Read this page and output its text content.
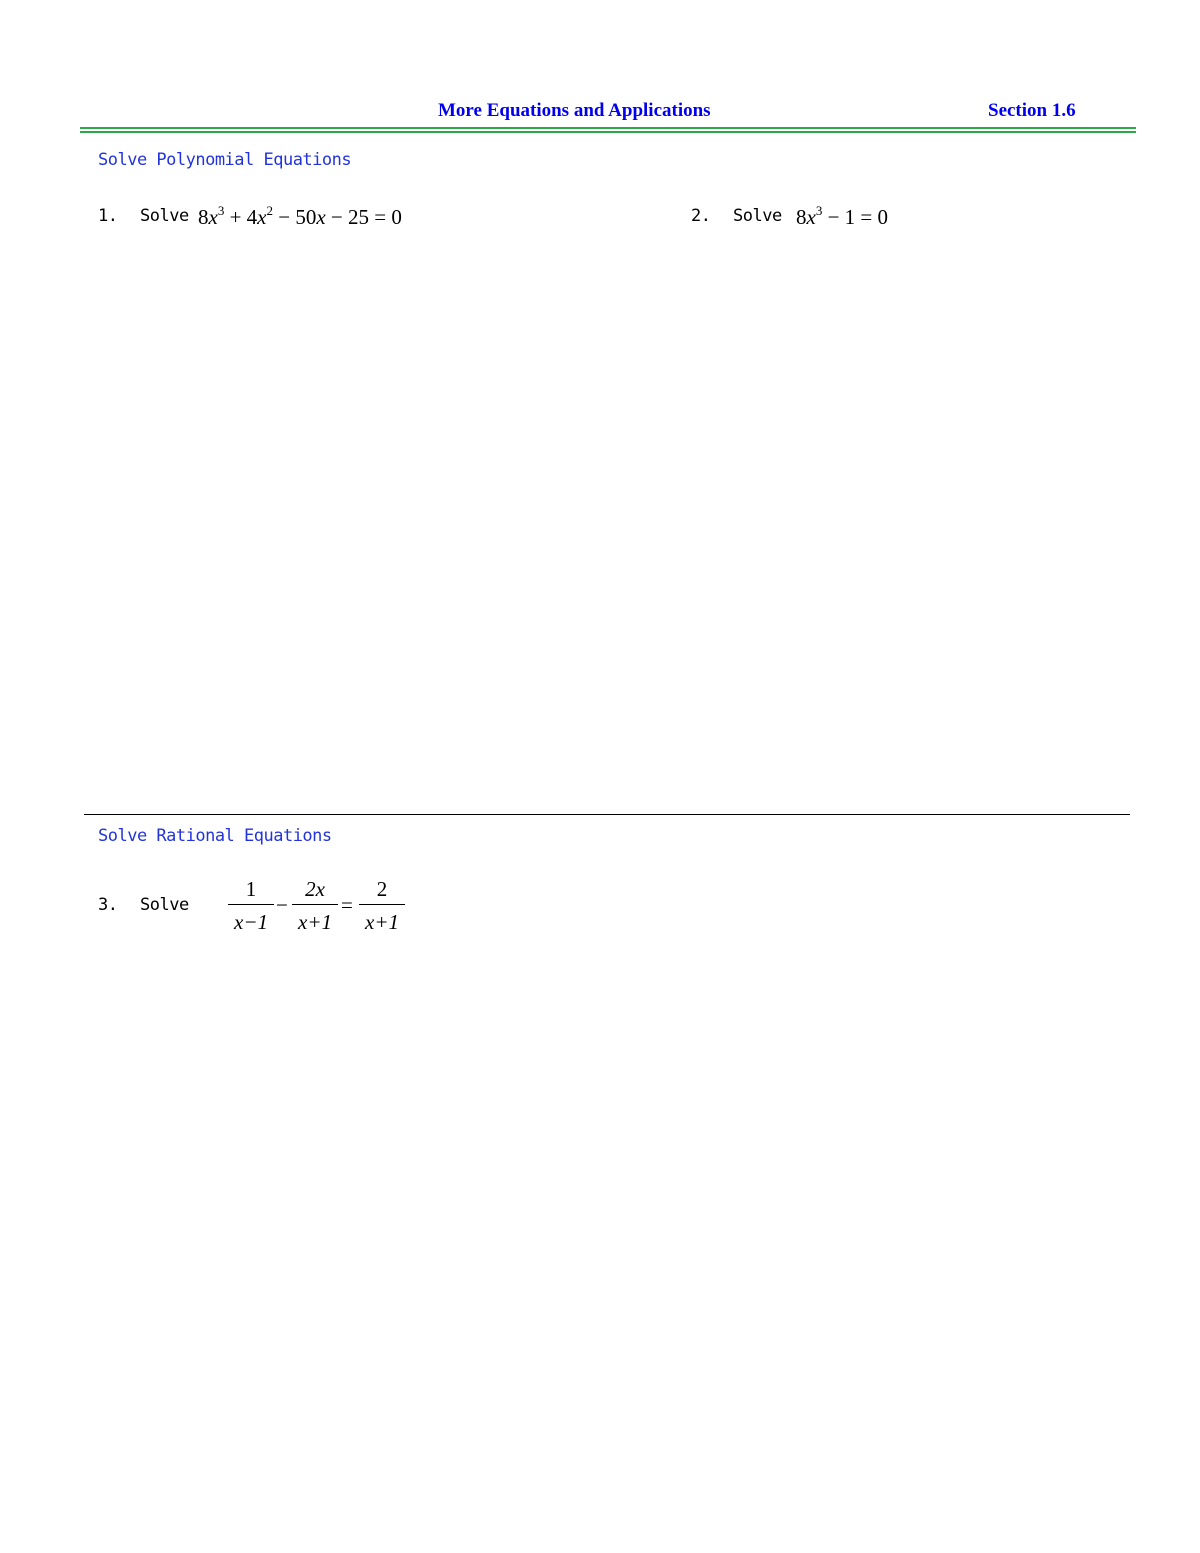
More Equations and Applications	Section 1.6
Solve Polynomial Equations
1. Solve $8x^3 + 4x^2 - 50x - 25 = 0$	2. Solve $8x^3 - 1 = 0$
Solve Rational Equations
3. Solve
1
x−1
−
2x
x+1
=
2
x+1
